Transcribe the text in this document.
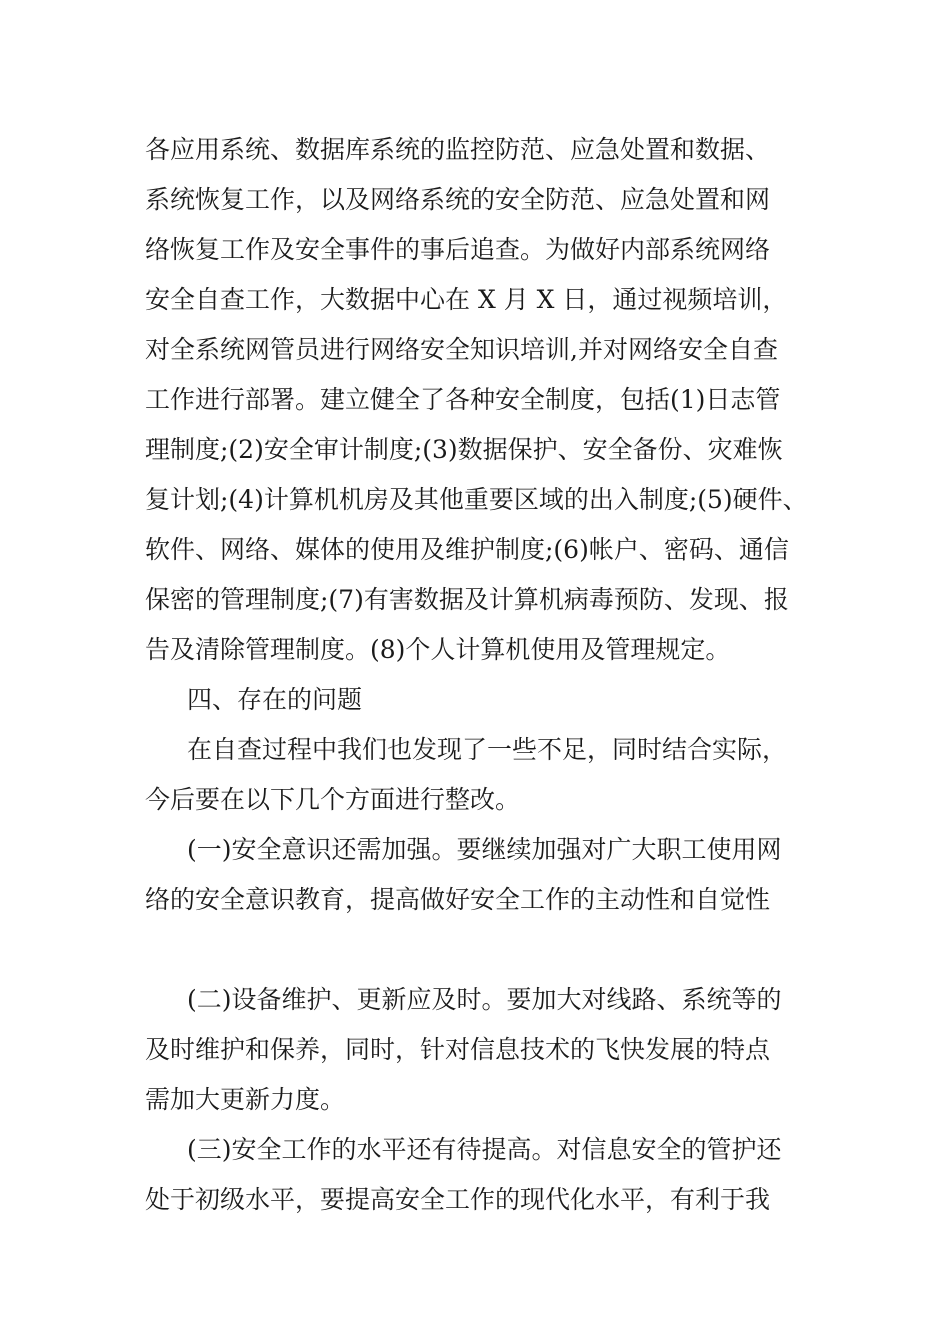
各应用系统、数据库系统的监控防范、应急处置和数据、
系统恢复工作，以及网络系统的安全防范、应急处置和网
络恢复工作及安全事件的事后追查。为做好内部系统网络
安全自查工作，大数据中心在 X 月 X 日，通过视频培训，
对全系统网管员进行网络安全知识培训,并对网络安全自查
工作进行部署。建立健全了各种安全制度，包括(1)日志管
理制度;(2)安全审计制度;(3)数据保护、安全备份、灾难恢
复计划;(4)计算机机房及其他重要区域的出入制度;(5)硬件、
软件、网络、媒体的使用及维护制度;(6)帐户、密码、通信
保密的管理制度;(7)有害数据及计算机病毒预防、发现、报
告及清除管理制度。(8)个人计算机使用及管理规定。
四、存在的问题
在自查过程中我们也发现了一些不足，同时结合实际，
今后要在以下几个方面进行整改。
(一)安全意识还需加强。要继续加强对广大职工使用网
络的安全意识教育，提高做好安全工作的主动性和自觉性
(二)设备维护、更新应及时。要加大对线路、系统等的
及时维护和保养，同时，针对信息技术的飞快发展的特点
需加大更新力度。
(三)安全工作的水平还有待提高。对信息安全的管护还
处于初级水平，要提高安全工作的现代化水平，有利于我
